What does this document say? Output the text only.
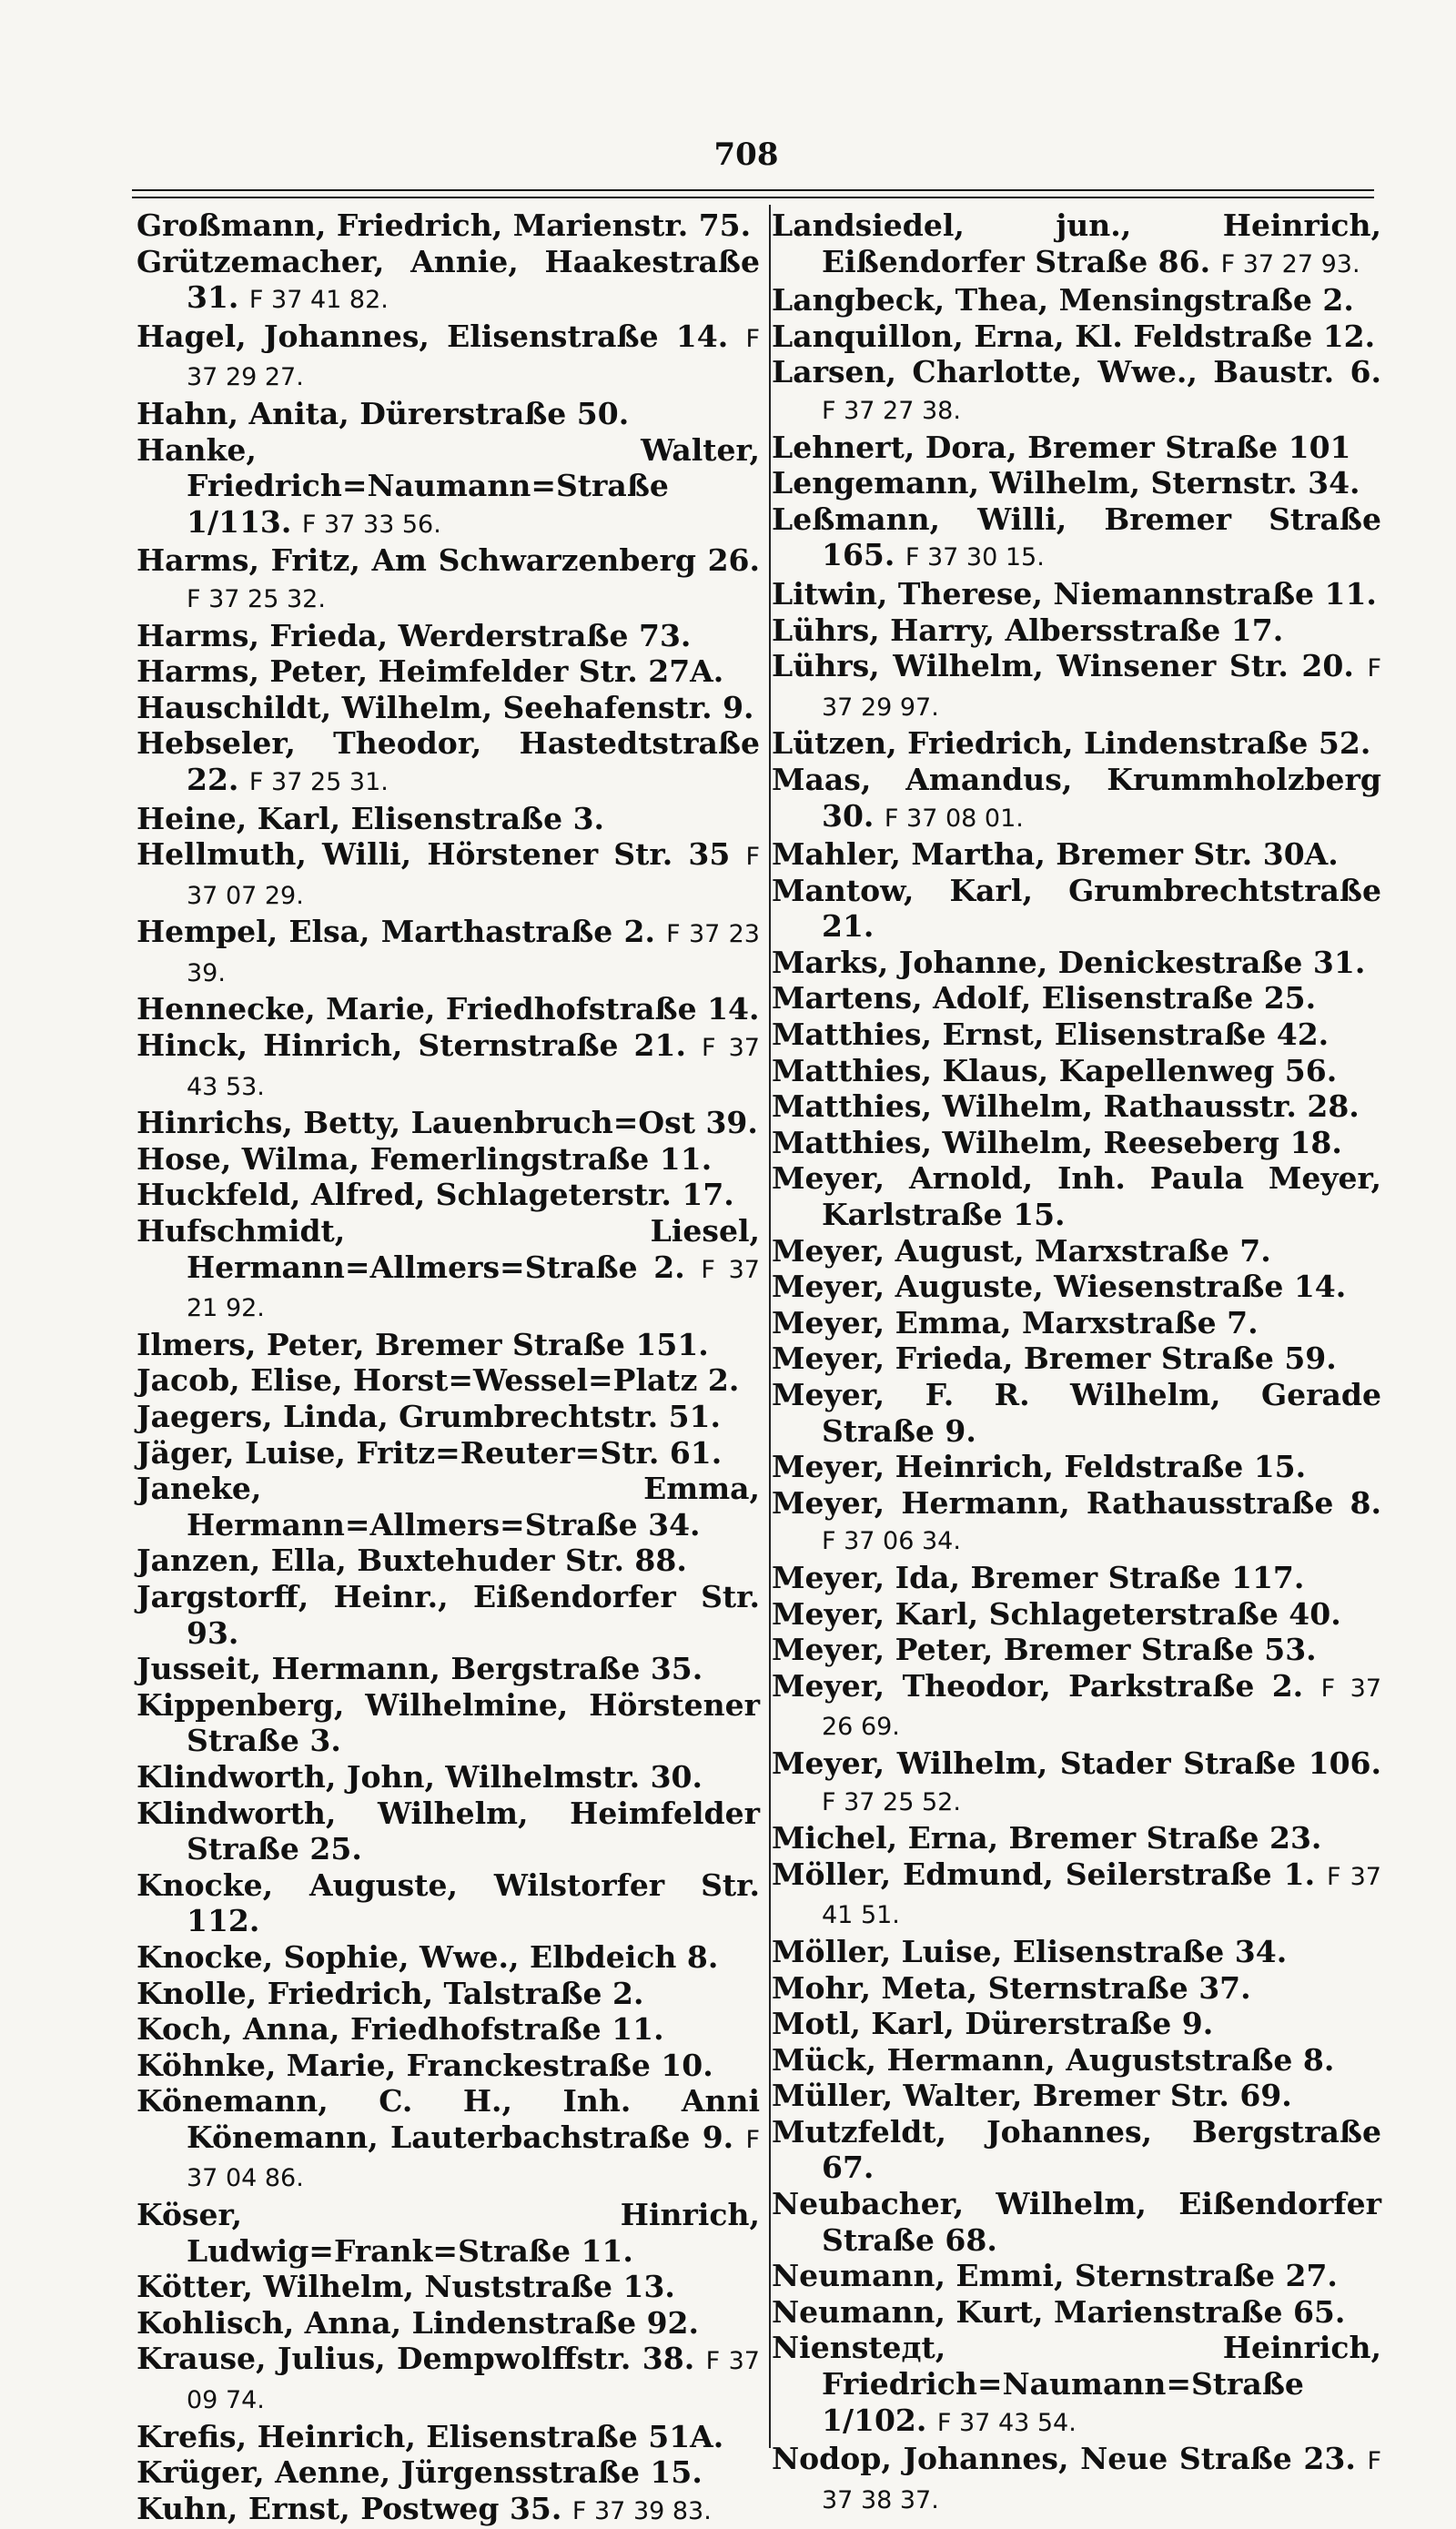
708
Großmann, Friedrich, Marienstr. 75.
Grützemacher, Annie, Haakestraße 31. F 37 41 82.
Hagel, Johannes, Elisenstraße 14. F 37 29 27.
Hahn, Anita, Dürerstraße 50.
Hanke, Walter, Friedrich=Naumann=Straße 1/113. F 37 33 56.
Harms, Fritz, Am Schwarzenberg 26. F 37 25 32.
Harms, Frieda, Werderstraße 73.
Harms, Peter, Heimfelder Str. 27A.
Hauschildt, Wilhelm, Seehafenstr. 9.
Hebseler, Theodor, Hastedtstraße 22. F 37 25 31.
Heine, Karl, Elisenstraße 3.
Hellmuth, Willi, Hörstener Str. 35 F 37 07 29.
Hempel, Elsa, Marthastraße 2. F 37 23 39.
Hennecke, Marie, Friedhofstraße 14.
Hinck, Hinrich, Sternstraße 21. F 37 43 53.
Hinrichs, Betty, Lauenbruch=Ost 39.
Hose, Wilma, Femerlingstraße 11.
Huckfeld, Alfred, Schlageterstr. 17.
Hufschmidt, Liesel, Hermann=Allmers=Straße 2. F 37 21 92.
Ilmers, Peter, Bremer Straße 151.
Jacob, Elise, Horst=Wessel=Platz 2.
Jaegers, Linda, Grumbrechtstr. 51.
Jäger, Luise, Fritz=Reuter=Str. 61.
Janeke, Emma, Hermann=Allmers=Straße 34.
Janzen, Ella, Buxtehuder Str. 88.
Jargstorff, Heinr., Eißendorfer Str. 93.
Jusseit, Hermann, Bergstraße 35.
Kippenberg, Wilhelmine, Hörstener Straße 3.
Klindworth, John, Wilhelmstr. 30.
Klindworth, Wilhelm, Heimfelder Straße 25.
Knocke, Auguste, Wilstorfer Str. 112.
Knocke, Sophie, Wwe., Elbdeich 8.
Knolle, Friedrich, Talstraße 2.
Koch, Anna, Friedhofstraße 11.
Köhnke, Marie, Franckestraße 10.
Könemann, C. H., Inh. Anni Könemann, Lauterbachstraße 9. F 37 04 86.
Köser, Hinrich, Ludwig=Frank=Straße 11.
Kötter, Wilhelm, Nuststraße 13.
Kohlisch, Anna, Lindenstraße 92.
Krause, Julius, Dempwolffstr. 38. F 37 09 74.
Krefis, Heinrich, Elisenstraße 51A.
Krüger, Aenne, Jürgensstraße 15.
Kuhn, Ernst, Postweg 35. F 37 39 83.
Landsiedel, jun., Heinrich, Eißendorfer Straße 86. F 37 27 93.
Langbeck, Thea, Mensingstraße 2.
Lanquillon, Erna, Kl. Feldstraße 12.
Larsen, Charlotte, Wwe., Baustr. 6. F 37 27 38.
Lehnert, Dora, Bremer Straße 101
Lengemann, Wilhelm, Sternstr. 34.
Leßmann, Willi, Bremer Straße 165. F 37 30 15.
Litwin, Therese, Niemannstraße 11.
Lührs, Harry, Albersstraße 17.
Lührs, Wilhelm, Winsener Str. 20. F 37 29 97.
Lützen, Friedrich, Lindenstraße 52.
Maas, Amandus, Krummholzberg 30. F 37 08 01.
Mahler, Martha, Bremer Str. 30A.
Mantow, Karl, Grumbrechtstraße 21.
Marks, Johanne, Denickestraße 31.
Martens, Adolf, Elisenstraße 25.
Matthies, Ernst, Elisenstraße 42.
Matthies, Klaus, Kapellenweg 56.
Matthies, Wilhelm, Rathausstr. 28.
Matthies, Wilhelm, Reeseberg 18.
Meyer, Arnold, Inh. Paula Meyer, Karlstraße 15.
Meyer, August, Marxstraße 7.
Meyer, Auguste, Wiesenstraße 14.
Meyer, Emma, Marxstraße 7.
Meyer, Frieda, Bremer Straße 59.
Meyer, F. R. Wilhelm, Gerade Straße 9.
Meyer, Heinrich, Feldstraße 15.
Meyer, Hermann, Rathausstraße 8. F 37 06 34.
Meyer, Ida, Bremer Straße 117.
Meyer, Karl, Schlageterstraße 40.
Meyer, Peter, Bremer Straße 53.
Meyer, Theodor, Parkstraße 2. F 37 26 69.
Meyer, Wilhelm, Stader Straße 106. F 37 25 52.
Michel, Erna, Bremer Straße 23.
Möller, Edmund, Seilerstraße 1. F 37 41 51.
Möller, Luise, Elisenstraße 34.
Mohr, Meta, Sternstraße 37.
Motl, Karl, Dürerstraße 9.
Mück, Hermann, Auguststraße 8.
Müller, Walter, Bremer Str. 69.
Mutzfeldt, Johannes, Bergstraße 67.
Neubacher, Wilhelm, Eißendorfer Straße 68.
Neumann, Emmi, Sternstraße 27.
Neumann, Kurt, Marienstraße 65.
Niensteдt, Heinrich, Friedrich=Naumann=Straße 1/102. F 37 43 54.
Nodop, Johannes, Neue Straße 23. F 37 38 37.
